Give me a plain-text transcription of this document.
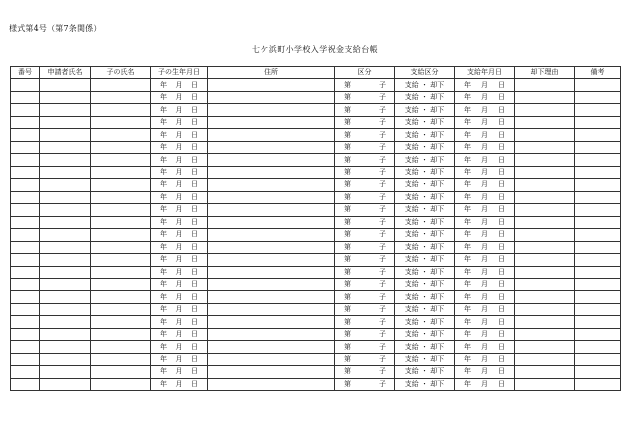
様式第4号（第7条関係）
七ケ浜町小学校入学祝金支給台帳
番号	申請者氏名	子の氏名	子の生年月日	住所	区分	支給区分	支給年月日	却下理由	備考

			年 月 日		第 子	支給 ・ 却下	年 月 日		

			年 月 日		第 子	支給 ・ 却下	年 月 日		

			年 月 日		第 子	支給 ・ 却下	年 月 日		

			年 月 日		第 子	支給 ・ 却下	年 月 日		

			年 月 日		第 子	支給 ・ 却下	年 月 日		

			年 月 日		第 子	支給 ・ 却下	年 月 日		

			年 月 日		第 子	支給 ・ 却下	年 月 日		

			年 月 日		第 子	支給 ・ 却下	年 月 日		

			年 月 日		第 子	支給 ・ 却下	年 月 日		

			年 月 日		第 子	支給 ・ 却下	年 月 日		

			年 月 日		第 子	支給 ・ 却下	年 月 日		

			年 月 日		第 子	支給 ・ 却下	年 月 日		

			年 月 日		第 子	支給 ・ 却下	年 月 日		

			年 月 日		第 子	支給 ・ 却下	年 月 日		

			年 月 日		第 子	支給 ・ 却下	年 月 日		

			年 月 日		第 子	支給 ・ 却下	年 月 日		

			年 月 日		第 子	支給 ・ 却下	年 月 日		

			年 月 日		第 子	支給 ・ 却下	年 月 日		

			年 月 日		第 子	支給 ・ 却下	年 月 日		

			年 月 日		第 子	支給 ・ 却下	年 月 日		

			年 月 日		第 子	支給 ・ 却下	年 月 日		

			年 月 日		第 子	支給 ・ 却下	年 月 日		

			年 月 日		第 子	支給 ・ 却下	年 月 日		

			年 月 日		第 子	支給 ・ 却下	年 月 日		

			年 月 日		第 子	支給 ・ 却下	年 月 日		
